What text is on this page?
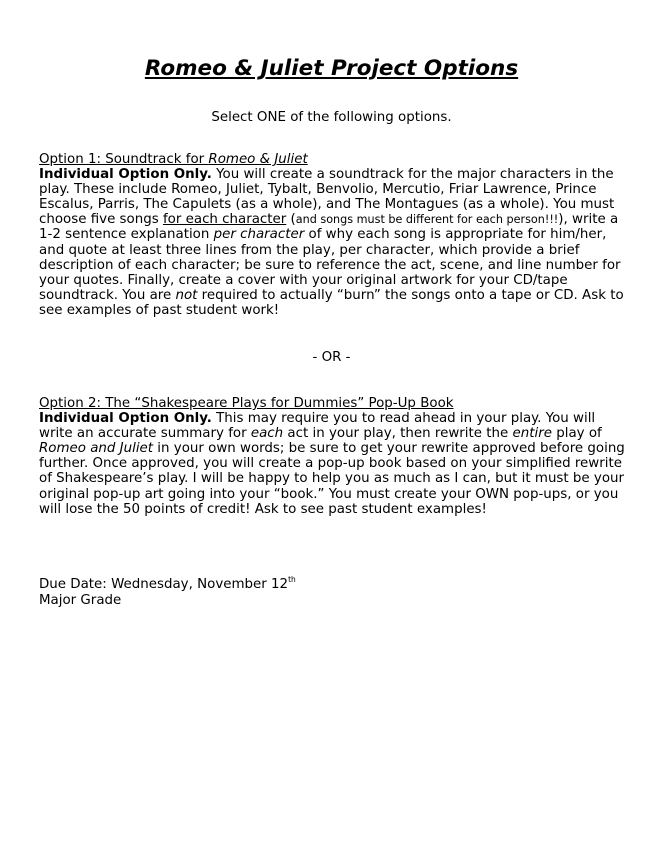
Romeo & Juliet Project Options

Select ONE of the following options.

Option 1: Soundtrack for Romeo & Juliet
Individual Option Only. You will create a soundtrack for the major characters in the play. These include Romeo, Juliet, Tybalt, Benvolio, Mercutio, Friar Lawrence, Prince Escalus, Parris, The Capulets (as a whole), and The Montagues (as a whole). You must choose five songs for each character (and songs must be different for each person!!!), write a 1-2 sentence explanation per character of why each song is appropriate for him/her, and quote at least three lines from the play, per character, which provide a brief description of each character; be sure to reference the act, scene, and line number for your quotes. Finally, create a cover with your original artwork for your CD/tape soundtrack. You are not required to actually “burn” the songs onto a tape or CD. Ask to see examples of past student work!

- OR -

Option 2: The “Shakespeare Plays for Dummies” Pop-Up Book
Individual Option Only. This may require you to read ahead in your play. You will write an accurate summary for each act in your play, then rewrite the entire play of Romeo and Juliet in your own words; be sure to get your rewrite approved before going further. Once approved, you will create a pop-up book based on your simplified rewrite of Shakespeare’s play. I will be happy to help you as much as I can, but it must be your original pop-up art going into your “book.” You must create your OWN pop-ups, or you will lose the 50 points of credit! Ask to see past student examples!
Due Date: Wednesday, November 12th
Major Grade
